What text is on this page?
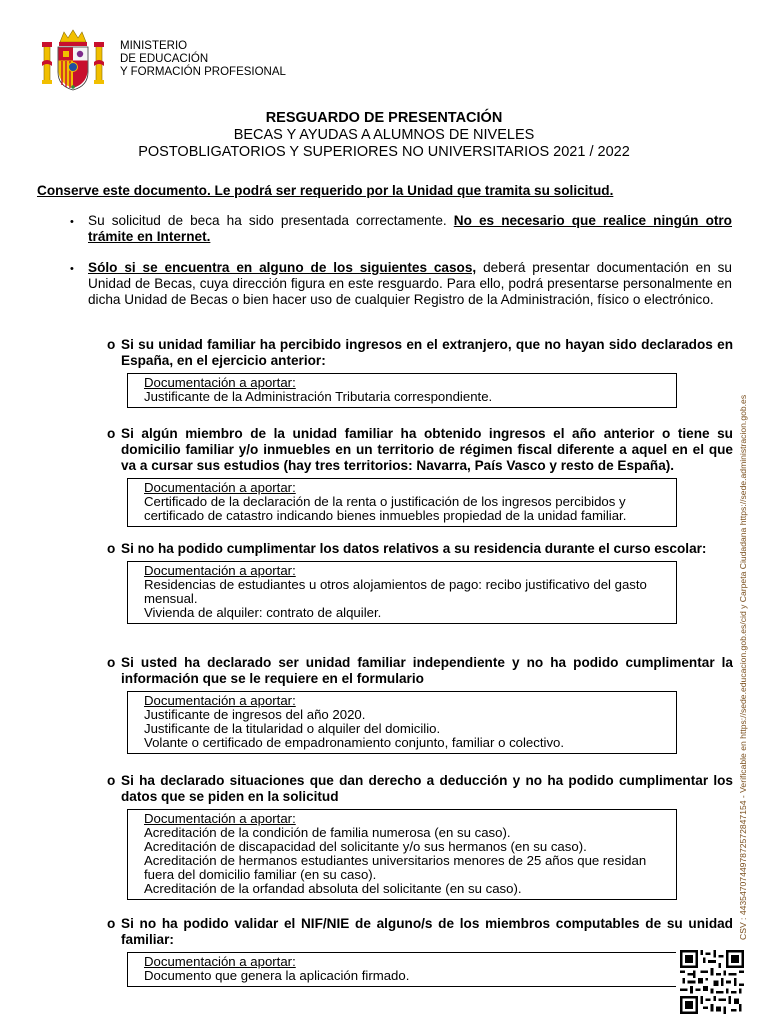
MINISTERIO
DE EDUCACIÓN
Y FORMACIÓN PROFESIONAL
RESGUARDO DE PRESENTACIÓN
BECAS Y AYUDAS A ALUMNOS DE NIVELES
POSTOBLIGATORIOS Y SUPERIORES NO UNIVERSITARIOS 2021 / 2022
Conserve este documento. Le podrá ser requerido por la Unidad que tramita su solicitud.
• Su solicitud de beca ha sido presentada correctamente. No es necesario que realice ningún otro trámite en Internet.
• Sólo si se encuentra en alguno de los siguientes casos, deberá presentar documentación en su Unidad de Becas, cuya dirección figura en este resguardo. Para ello, podrá presentarse personalmente en dicha Unidad de Becas o bien hacer uso de cualquier Registro de la Administración, físico o electrónico.
o Si su unidad familiar ha percibido ingresos en el extranjero, que no hayan sido declarados en España, en el ejercicio anterior:
Documentación a aportar:
Justificante de la Administración Tributaria correspondiente.
o Si algún miembro de la unidad familiar ha obtenido ingresos el año anterior o tiene su domicilio familiar y/o inmuebles en un territorio de régimen fiscal diferente a aquel en el que va a cursar sus estudios (hay tres territorios: Navarra, País Vasco y resto de España).
Documentación a aportar:
Certificado de la declaración de la renta o justificación de los ingresos percibidos y certificado de catastro indicando bienes inmuebles propiedad de la unidad familiar.
o Si no ha podido cumplimentar los datos relativos a su residencia durante el curso escolar:
Documentación a aportar:
Residencias de estudiantes u otros alojamientos de pago: recibo justificativo del gasto mensual.
Vivienda de alquiler: contrato de alquiler.
o Si usted ha declarado ser unidad familiar independiente y no ha podido cumplimentar la información que se le requiere en el formulario
Documentación a aportar:
Justificante de ingresos del año 2020.
Justificante de la titularidad o alquiler del domicilio.
Volante o certificado de empadronamiento conjunto, familiar o colectivo.
o Si ha declarado situaciones que dan derecho a deducción y no ha podido cumplimentar los datos que se piden en la solicitud
Documentación a aportar:
Acreditación de la condición de familia numerosa (en su caso).
Acreditación de discapacidad del solicitante y/o sus hermanos (en su caso).
Acreditación de hermanos estudiantes universitarios menores de 25 años que residan fuera del domicilio familiar (en su caso).
Acreditación de la orfandad absoluta del solicitante (en su caso).
o Si no ha podido validar el NIF/NIE de alguno/s de los miembros computables de su unidad familiar:
Documentación a aportar:
Documento que genera la aplicación firmado.
CSV : 443547074497872572847154 - Verificable en https://sede.educacion.gob.es/cid y Carpeta Ciudadana https://sede.administracion.gob.es
